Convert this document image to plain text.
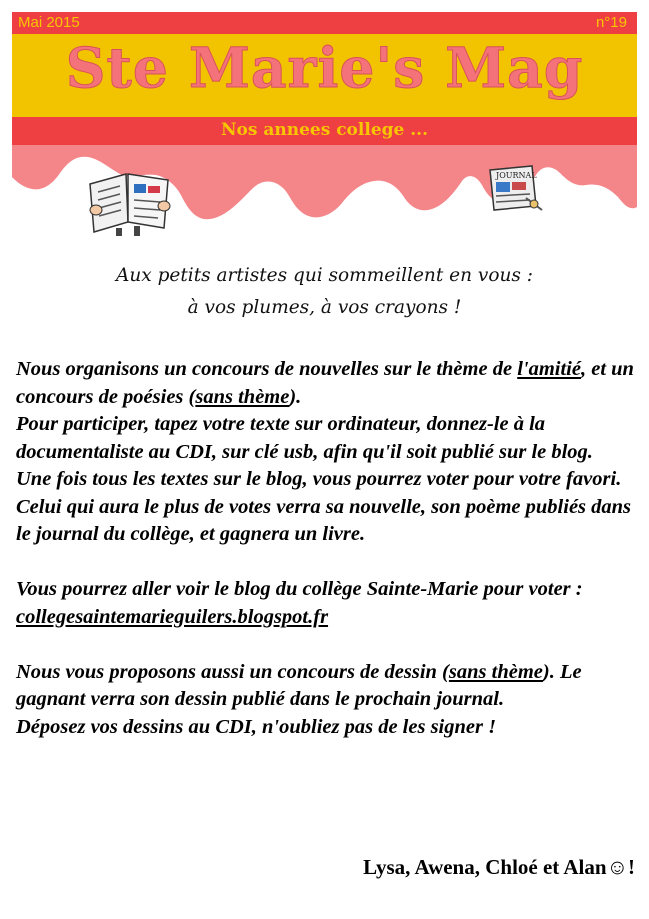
Mai 2015	n°19
Ste Marie's Mag
Nos annees college ...
JOURNAL
Aux petits artistes qui sommeillent en vous :
à vos plumes, à vos crayons !

Nous organisons un concours de nouvelles sur le thème de l'amitié, et un concours de poésies (sans thème).

Pour participer, tapez votre texte sur ordinateur, donnez-le à la documentaliste au CDI, sur clé usb, afin qu'il soit publié sur le blog.

Une fois tous les textes sur le blog, vous pourrez voter pour votre favori.

Celui qui aura le plus de votes verra sa nouvelle, son poème publiés dans le journal du collège, et gagnera un livre.

Vous pourrez aller voir le blog du collège Sainte-Marie pour voter : collegesaintemarieguilers.blogspot.fr

Nous vous proposons aussi un concours de dessin (sans thème). Le gagnant verra son dessin publié dans le prochain journal.

Déposez vos dessins au CDI, n'oubliez pas de les signer !

Lysa, Awena, Chloé et Alan☺!
